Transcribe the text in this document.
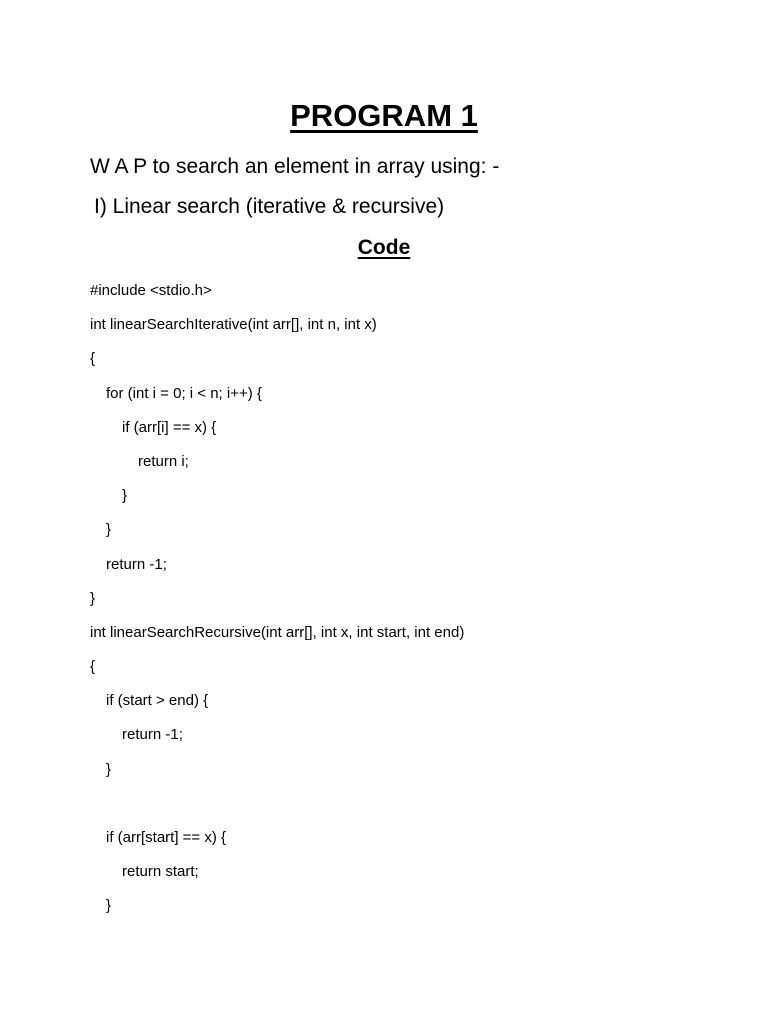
PROGRAM 1

W A P to search an element in array using: -

I) Linear search (iterative & recursive)

Code
#include <stdio.h>
int linearSearchIterative(int arr[], int n, int x)
{
for (int i = 0; i < n; i++) {
if (arr[i] == x) {
return i;
}
}
return -1;
}
int linearSearchRecursive(int arr[], int x, int start, int end)
{
if (start > end) {
return -1;
}
if (arr[start] == x) {
return start;
}
